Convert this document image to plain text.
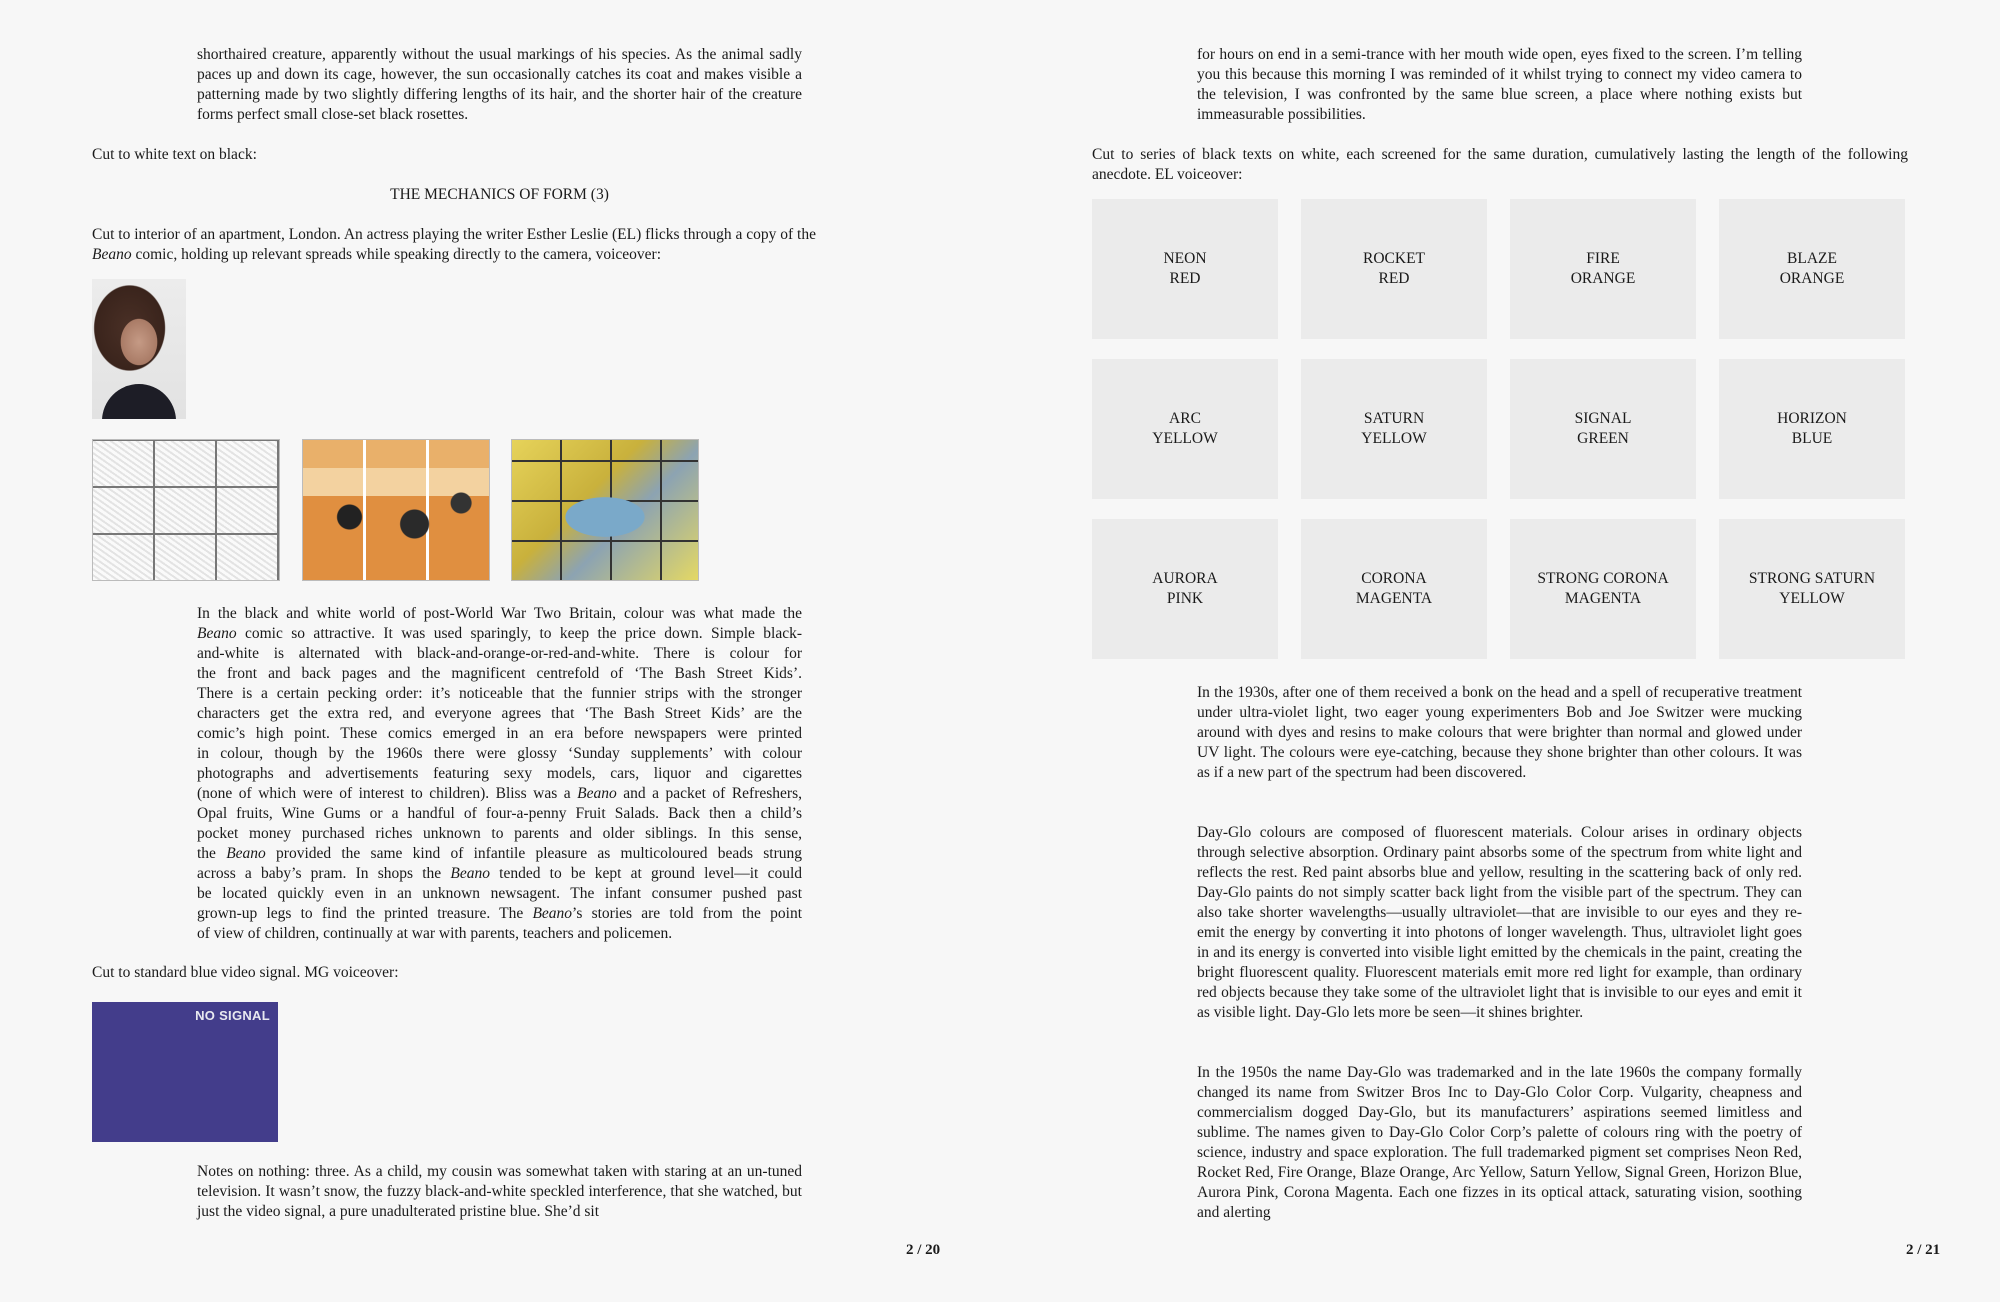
shorthaired creature, apparently without the usual markings of his species. As the animal sadly paces up and down its cage, however, the sun occasionally catches its coat and makes visible a patterning made by two slightly differing lengths of its hair, and the shorter hair of the creature forms perfect small close-set black rosettes.

Cut to white text on black:

THE MECHANICS OF FORM (3)

Cut to interior of an apartment, London. An actress playing the writer Esther Leslie (EL) flicks through a copy of the
Beano comic, holding up relevant spreads while speaking directly to the camera, voiceover:

In the black and white world of post-World War Two Britain, colour was what made the

Beano comic so attractive. It was used sparingly, to keep the price down. Simple black-

and-white is alternated with black-and-orange-or-red-and-white. There is colour for

the front and back pages and the magnificent centrefold of ‘The Bash Street Kids’.

There is a certain pecking order: it’s noticeable that the funnier strips with the stronger

characters get the extra red, and everyone agrees that ‘The Bash Street Kids’ are the

comic’s high point. These comics emerged in an era before newspapers were printed

in colour, though by the 1960s there were glossy ‘Sunday supplements’ with colour

photographs and advertisements featuring sexy models, cars, liquor and cigarettes

(none of which were of interest to children). Bliss was a Beano and a packet of Refreshers,

Opal fruits, Wine Gums or a handful of four-a-penny Fruit Salads. Back then a child’s

pocket money purchased riches unknown to parents and older siblings. In this sense,

the Beano provided the same kind of infantile pleasure as multicoloured beads strung

across a baby’s pram. In shops the Beano tended to be kept at ground level—it could

be located quickly even in an unknown newsagent. The infant consumer pushed past

grown-up legs to find the printed treasure. The Beano’s stories are told from the point

of view of children, continually at war with parents, teachers and policemen.

Cut to standard blue video signal. MG voiceover:

NO SIGNAL

Notes on nothing: three. As a child, my cousin was somewhat taken with staring at an un-tuned television. It wasn’t snow, the fuzzy black-and-white speckled interference, that she watched, but just the video signal, a pure unadulterated pristine blue. She’d sit

2 / 20

for hours on end in a semi-trance with her mouth wide open, eyes fixed to the screen. I’m telling you this because this morning I was reminded of it whilst trying to connect my video camera to the television, I was confronted by the same blue screen, a place where nothing exists but immeasurable possibilities.

Cut to series of black texts on white, each screened for the same duration, cumulatively lasting the length of the following anecdote. EL voiceover:

NEON
RED
ROCKET
RED
FIRE
ORANGE
BLAZE
ORANGE
ARC
YELLOW
SATURN
YELLOW
SIGNAL
GREEN
HORIZON
BLUE
AURORA
PINK
CORONA
MAGENTA
STRONG CORONA
MAGENTA
STRONG SATURN
YELLOW

In the 1930s, after one of them received a bonk on the head and a spell of recuperative treatment under ultra-violet light, two eager young experimenters Bob and Joe Switzer were mucking around with dyes and resins to make colours that were brighter than normal and glowed under UV light. The colours were eye-catching, because they shone brighter than other colours. It was as if a new part of the spectrum had been discovered.

Day-Glo colours are composed of fluorescent materials. Colour arises in ordinary objects through selective absorption. Ordinary paint absorbs some of the spectrum from white light and reflects the rest. Red paint absorbs blue and yellow, resulting in the scattering back of only red. Day-Glo paints do not simply scatter back light from the visible part of the spectrum. They can also take shorter wavelengths—usually ultraviolet—that are invisible to our eyes and they re-emit the energy by converting it into photons of longer wavelength. Thus, ultraviolet light goes in and its energy is converted into visible light emitted by the chemicals in the paint, creating the bright fluorescent quality. Fluorescent materials emit more red light for example, than ordinary red objects because they take some of the ultraviolet light that is invisible to our eyes and emit it as visible light. Day-Glo lets more be seen—it shines brighter.

In the 1950s the name Day-Glo was trademarked and in the late 1960s the company formally changed its name from Switzer Bros Inc to Day-Glo Color Corp. Vulgarity, cheapness and commercialism dogged Day-Glo, but its manufacturers’ aspirations seemed limitless and sublime. The names given to Day-Glo Color Corp’s palette of colours ring with the poetry of science, industry and space exploration. The full trademarked pigment set comprises Neon Red, Rocket Red, Fire Orange, Blaze Orange, Arc Yellow, Saturn Yellow, Signal Green, Horizon Blue, Aurora Pink, Corona Magenta. Each one fizzes in its optical attack, saturating vision, soothing and alerting

2 / 21
